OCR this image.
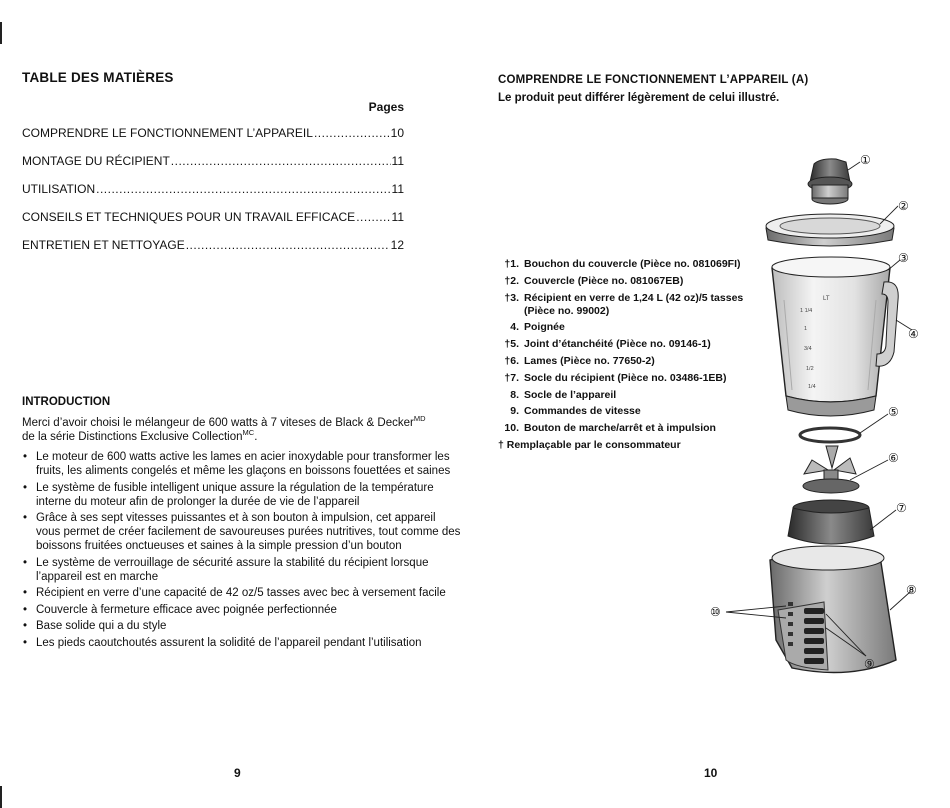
TABLE DES MATIÈRES
Pages
COMPRENDRE LE FONCTIONNEMENT L’APPAREIL .....	10
MONTAGE DU RÉCIPIENT .....	11
UTILISATION .....	11
CONSEILS ET TECHNIQUES POUR UN TRAVAIL EFFICACE .....	11
ENTRETIEN ET NETTOYAGE .....	12
INTRODUCTION
Merci d’avoir choisi le mélangeur de 600 watts à 7 viteses de Black & Decker$^{MD}$
de la série Distinctions Exclusive Collection$^{MC}$.
• Le moteur de 600 watts active les lames en acier inoxydable pour transformer les fruits, les aliments congelés et même les glaçons en boissons fouettées et saines
• Le système de fusible intelligent unique assure la régulation de la température interne du moteur afin de prolonger la durée de vie de l’appareil
• Grâce à ses sept vitesses puissantes et à son bouton à impulsion, cet appareil vous permet de créer facilement de savoureuses purées nutritives, tout comme des boissons fruitées onctueuses et saines à la simple pression d’un bouton
• Le système de verrouillage de sécurité assure la stabilité du récipient lorsque l’appareil est en marche
• Récipient en verre d’une capacité de 42 oz/5 tasses avec bec à versement facile
• Couvercle à fermeture efficace avec poignée perfectionnée
• Base solide qui a du style
• Les pieds caoutchoutés assurent la solidité de l’appareil pendant l’utilisation
9
COMPRENDRE LE FONCTIONNEMENT L’APPAREIL (A)
Le produit peut différer légèrement de celui illustré.
†1. Bouchon du couvercle (Pièce no. 081069FI)
†2. Couvercle (Pièce no. 081067EB)
†3. Récipient en verre de 1,24 L (42 oz)/5 tasses (Pièce no. 99002)
4. Poignée
†5. Joint d’étanchéité (Pièce no. 09146-1)
†6. Lames (Pièce no. 77650-2)
†7. Socle du récipient (Pièce no. 03486-1EB)
8. Socle de l’appareil
9. Commandes de vitesse
10. Bouton de marche/arrêt et à impulsion
† Remplaçable par le consommateur
10
LT
1 1/4
1
3/4
1/2
1/4
①
②
③
④
⑤
⑥
⑦
⑧
⑨
⑩
